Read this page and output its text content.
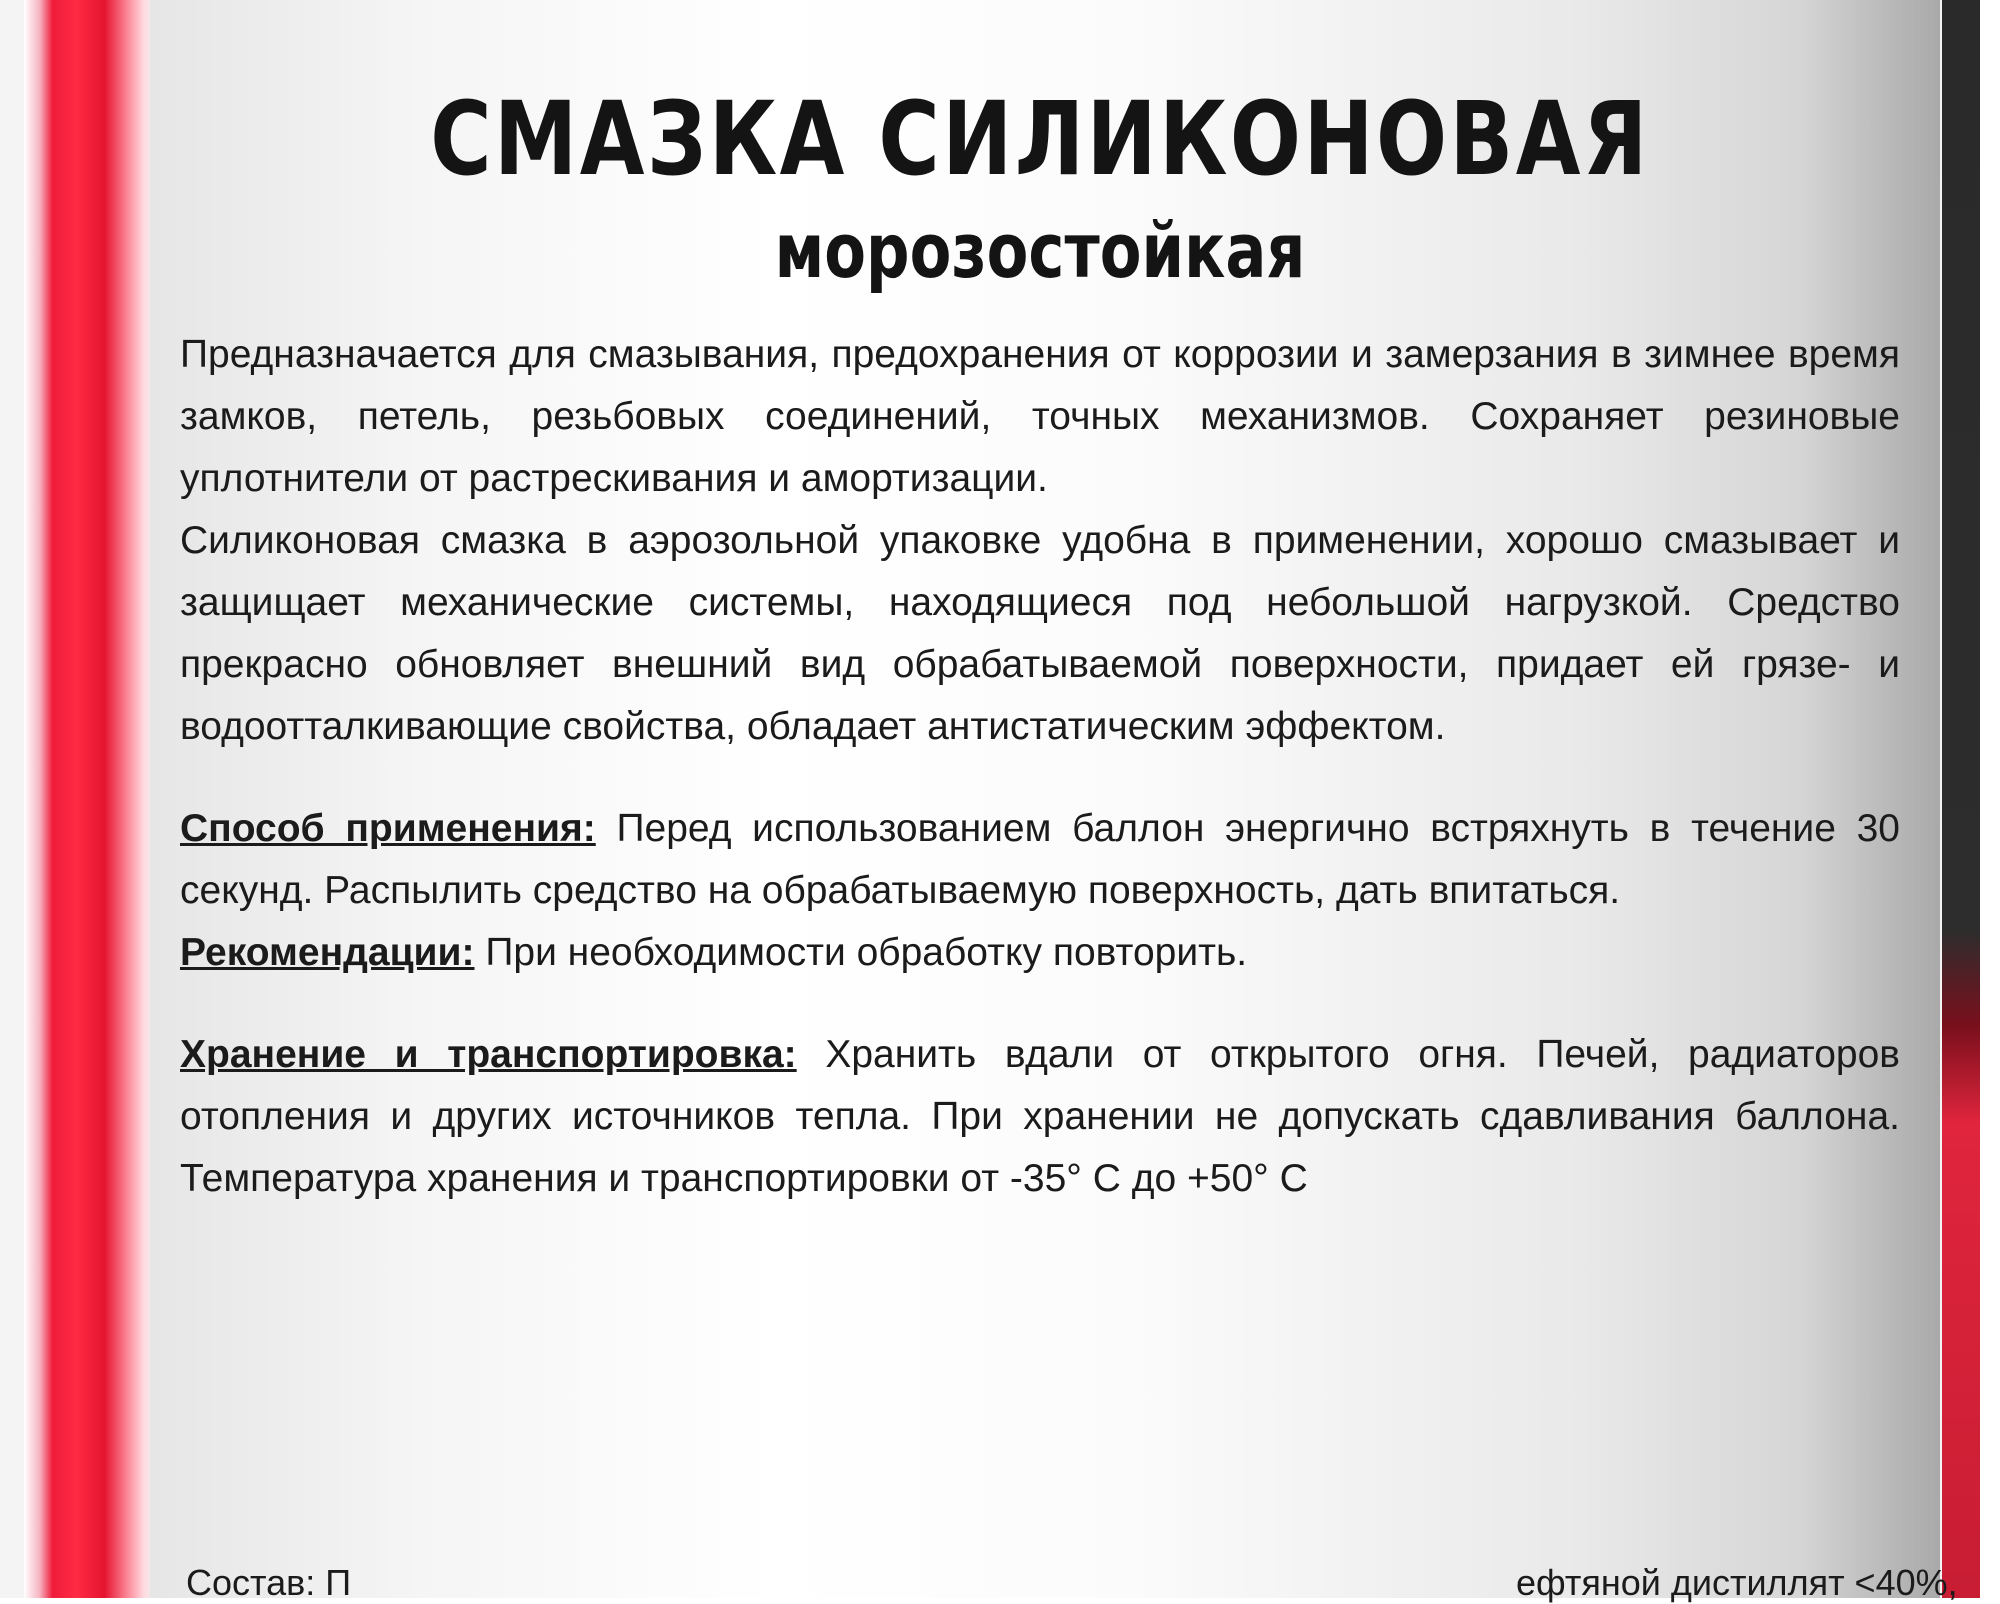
СМАЗКА СИЛИКОНОВАЯ
морозостойкая

Предназначается для смазывания, предохранения от коррозии и замерзания в зимнее время замков, петель, резьбовых соединений, точных механизмов. Сохраняет резиновые уплотнители от растрескивания и амортизации.

Силиконовая смазка в аэрозольной упаковке удобна в применении, хорошо смазывает и защищает механические системы, находящиеся под небольшой нагрузкой. Средство прекрасно обновляет внешний вид обрабатываемой поверхности, придает ей грязе- и водоотталкивающие свойства, обладает антистатическим эффектом.

Способ применения: Перед использованием баллон энергично встряхнуть в течение 30 секунд. Распылить средство на обрабатываемую поверхность, дать впитаться.

Рекомендации: При необходимости обработку повторить.

Хранение и транспортировка: Хранить вдали от открытого огня. Печей, радиаторов отопления и других источников тепла. При хранении не допускать сдавливания баллона. Температура хранения и транспортировки от -35° С до +50° С

Состав: П	ефтяной дистиллят <40%,
